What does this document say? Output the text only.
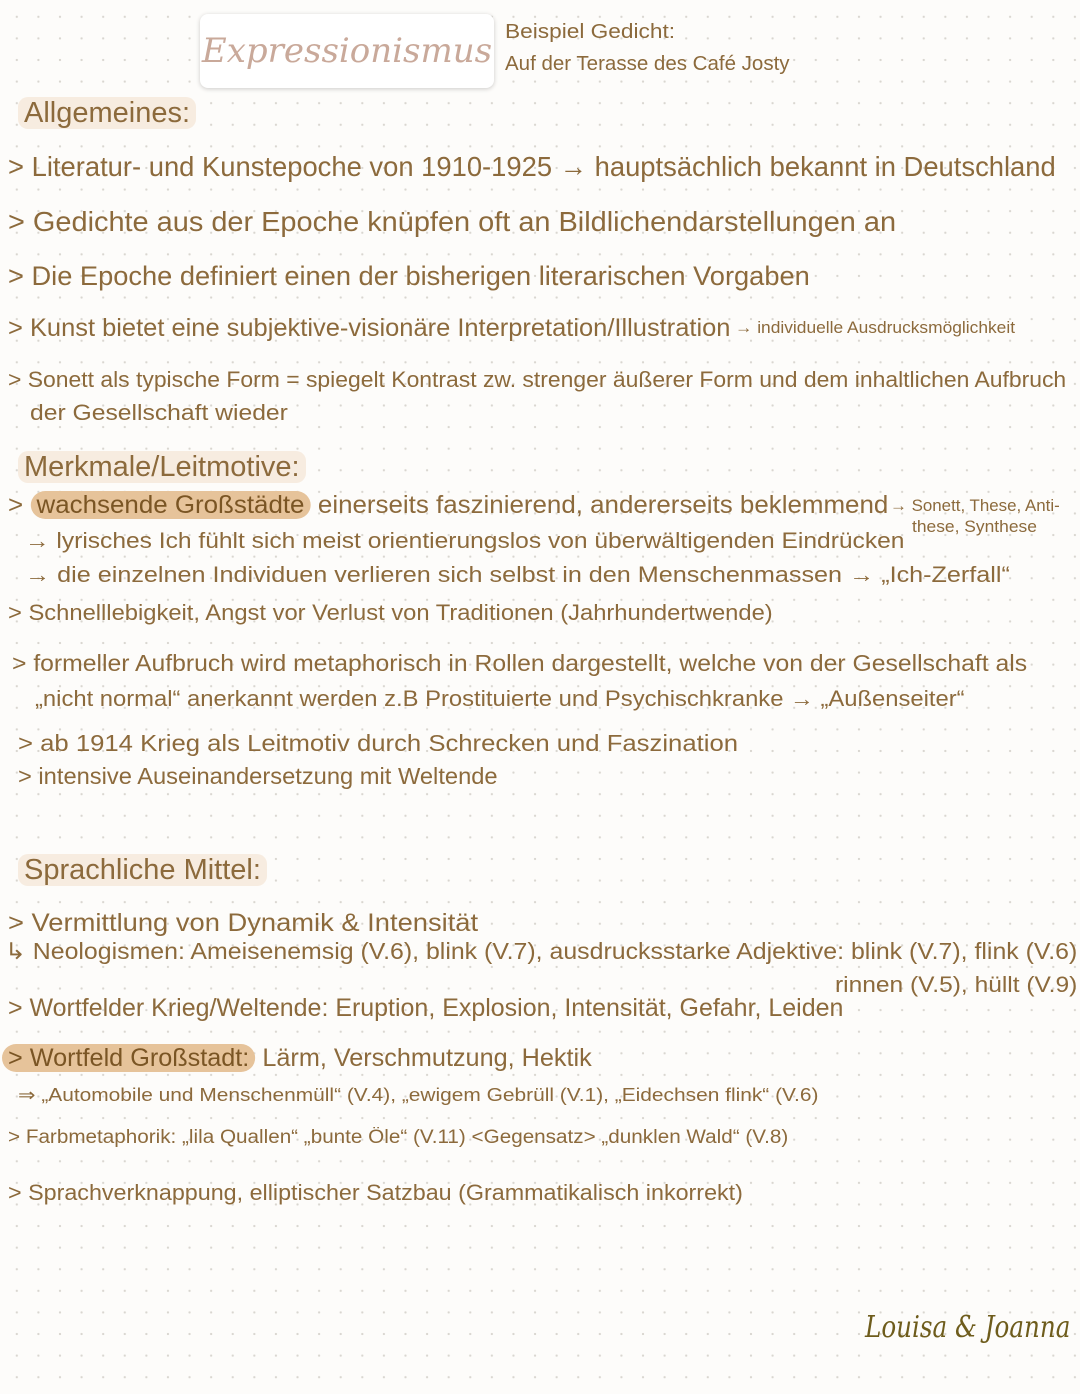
Expressionismus Beispiel Gedicht:
Auf der Terasse des Café Josty
Allgemeines:
> Literatur- und Kunstepoche von 1910-1925 → hauptsächlich bekannt in Deutschland
> Gedichte aus der Epoche knüpfen oft an Bildlichendarstellungen an
> Die Epoche definiert einen der bisherigen literarischen Vorgaben
> Kunst bietet eine subjektive-visionäre Interpretation/Illustration → individuelle Ausdrucksmöglichkeit
> Sonett als typische Form = spiegelt Kontrast zw. strenger äußerer Form und dem inhaltlichen Aufbruch
der Gesellschaft wieder
Merkmale/Leitmotive:
> wachsende Großstädte einerseits faszinierend, andererseits beklemmend → Sonett, These, Anti-
these, Synthese
→ lyrisches Ich fühlt sich meist orientierungslos von überwältigenden Eindrücken
→ die einzelnen Individuen verlieren sich selbst in den Menschenmassen → „Ich-Zerfall“
> Schnelllebigkeit, Angst vor Verlust von Traditionen (Jahrhundertwende)
> formeller Aufbruch wird metaphorisch in Rollen dargestellt, welche von der Gesellschaft als
„nicht normal“ anerkannt werden z.B Prostituierte und Psychischkranke → „Außenseiter“
> ab 1914 Krieg als Leitmotiv durch Schrecken und Faszination
> intensive Auseinandersetzung mit Weltende
Sprachliche Mittel:
> Vermittlung von Dynamik & Intensität
↳ Neologismen: Ameisenemsig (V.6), blink (V.7), ausdrucksstarke Adjektive: blink (V.7), flink (V.6)
rinnen (V.5), hüllt (V.9)
> Wortfelder Krieg/Weltende: Eruption, Explosion, Intensität, Gefahr, Leiden
> Wortfeld Großstadt: Lärm, Verschmutzung, Hektik
⇒ „Automobile und Menschenmüll“ (V.4), „ewigem Gebrüll (V.1), „Eidechsen flink“ (V.6)
> Farbmetaphorik: „lila Quallen“ „bunte Öle“ (V.11) <Gegensatz> „dunklen Wald“ (V.8)
> Sprachverknappung, elliptischer Satzbau (Grammatikalisch inkorrekt)
Louisa & Joanna
